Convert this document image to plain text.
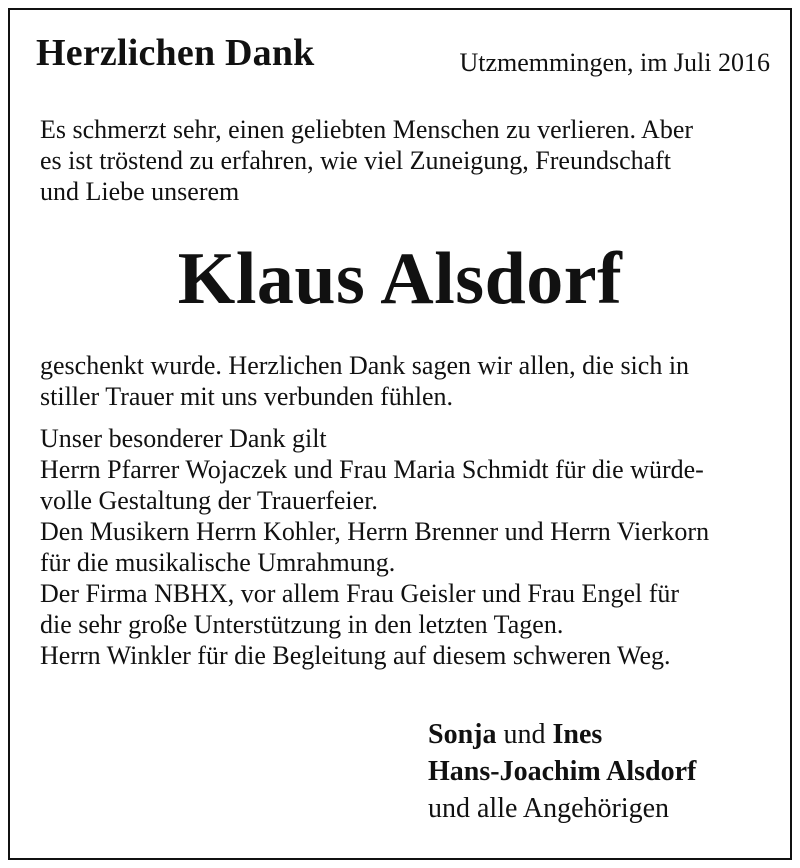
Herzlichen Dank	Utzmemmingen, im Juli 2016
Es schmerzt sehr, einen geliebten Menschen zu verlieren. Aber
es ist tröstend zu erfahren, wie viel Zuneigung, Freundschaft
und Liebe unserem
Klaus Alsdorf
geschenkt wurde. Herzlichen Dank sagen wir allen, die sich in
stiller Trauer mit uns verbunden fühlen.
Unser besonderer Dank gilt
Herrn Pfarrer Wojaczek und Frau Maria Schmidt für die würde-
volle Gestaltung der Trauerfeier.
Den Musikern Herrn Kohler, Herrn Brenner und Herrn Vierkorn
für die musikalische Umrahmung.
Der Firma NBHX, vor allem Frau Geisler und Frau Engel für
die sehr große Unterstützung in den letzten Tagen.
Herrn Winkler für die Begleitung auf diesem schweren Weg.
Sonja und Ines
Hans-Joachim Alsdorf
und alle Angehörigen
